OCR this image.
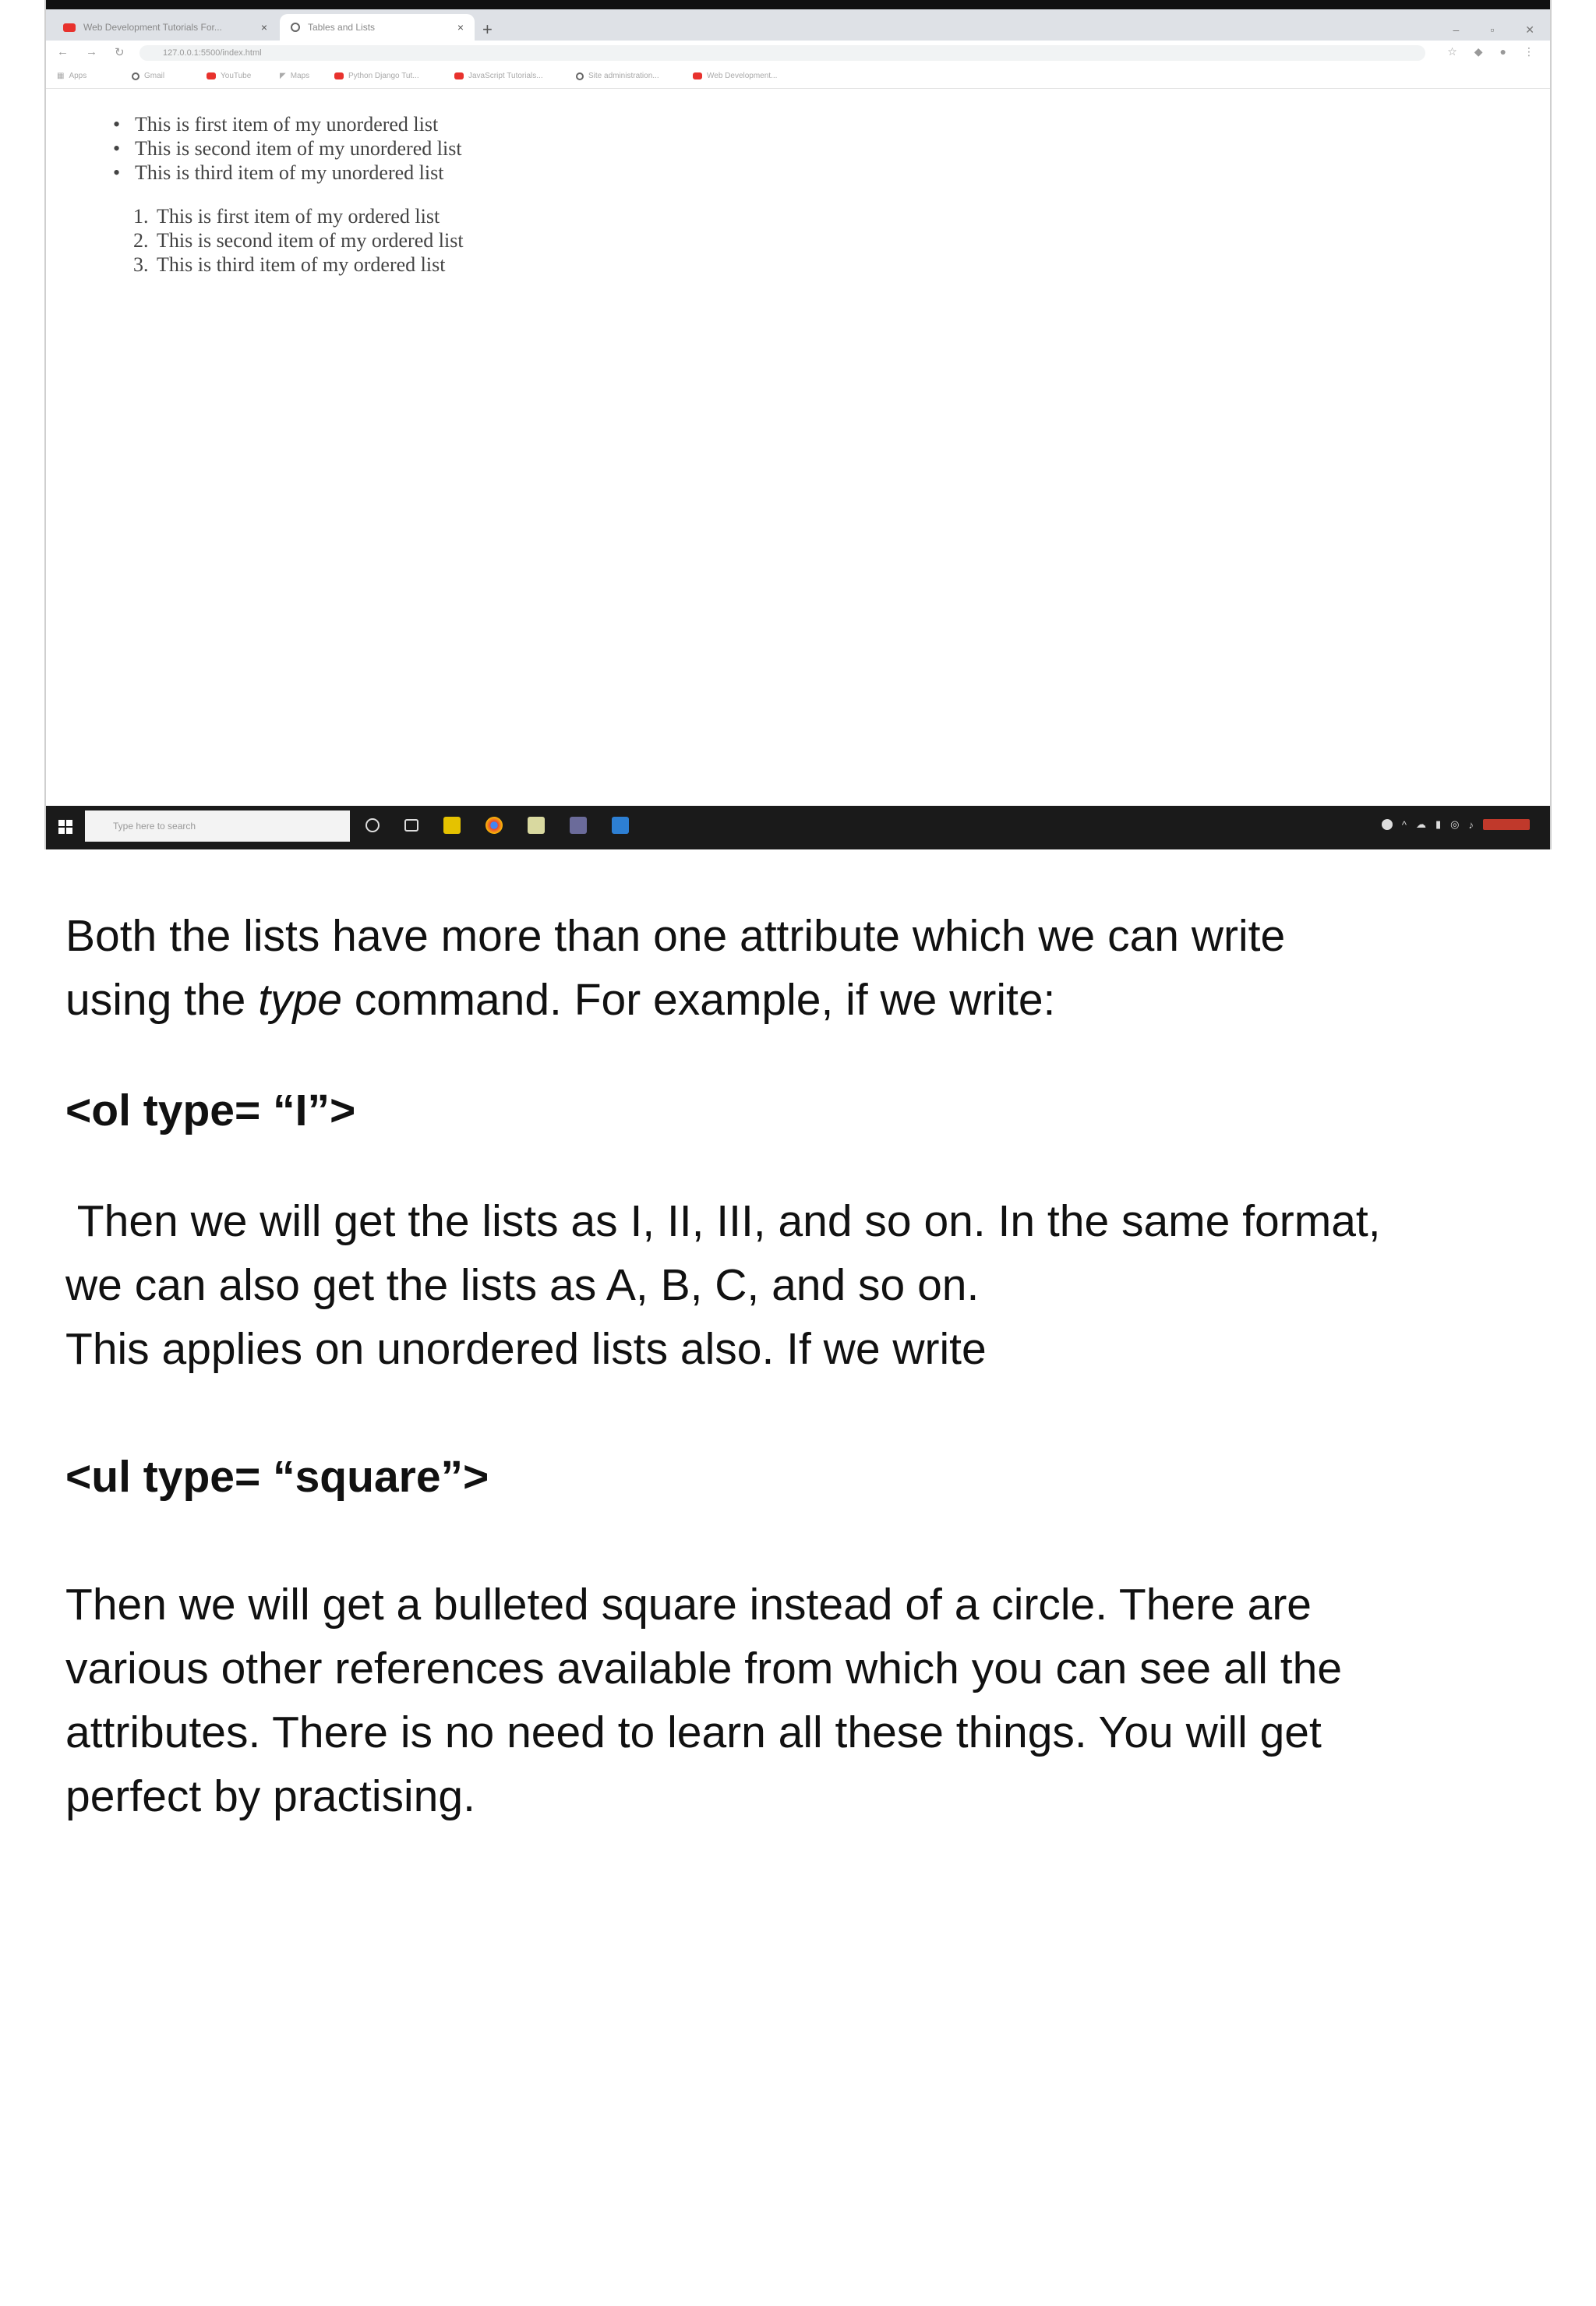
Web Development Tutorials For...	×	Tables and Lists	× +	–	▫	✕
← → ↻	127.0.0.1:5500/index.html	☆ ◆ ● ⋮
▦ Apps	Gmail	YouTube	◤ Maps	Python Django Tut...	JavaScript Tutorials...	Site administration...	Web Development...
• This is first item of my unordered list
• This is second item of my unordered list
• This is third item of my unordered list
1. This is first item of my ordered list
2. This is second item of my ordered list
3. This is third item of my ordered list
Type here to search	^ ☁ ▮ ◎ ♪

Both the lists have more than one attribute which we can write
using the type command. For example, if we write:

<ol type= “I”>

Then we will get the lists as I, II, III, and so on. In the same format,
we can also get the lists as A, B, C, and so on.
This applies on unordered lists also. If we write

<ul type= “square”>

Then we will get a bulleted square instead of a circle. There are
various other references available from which you can see all the
attributes. There is no need to learn all these things. You will get
perfect by practising.
